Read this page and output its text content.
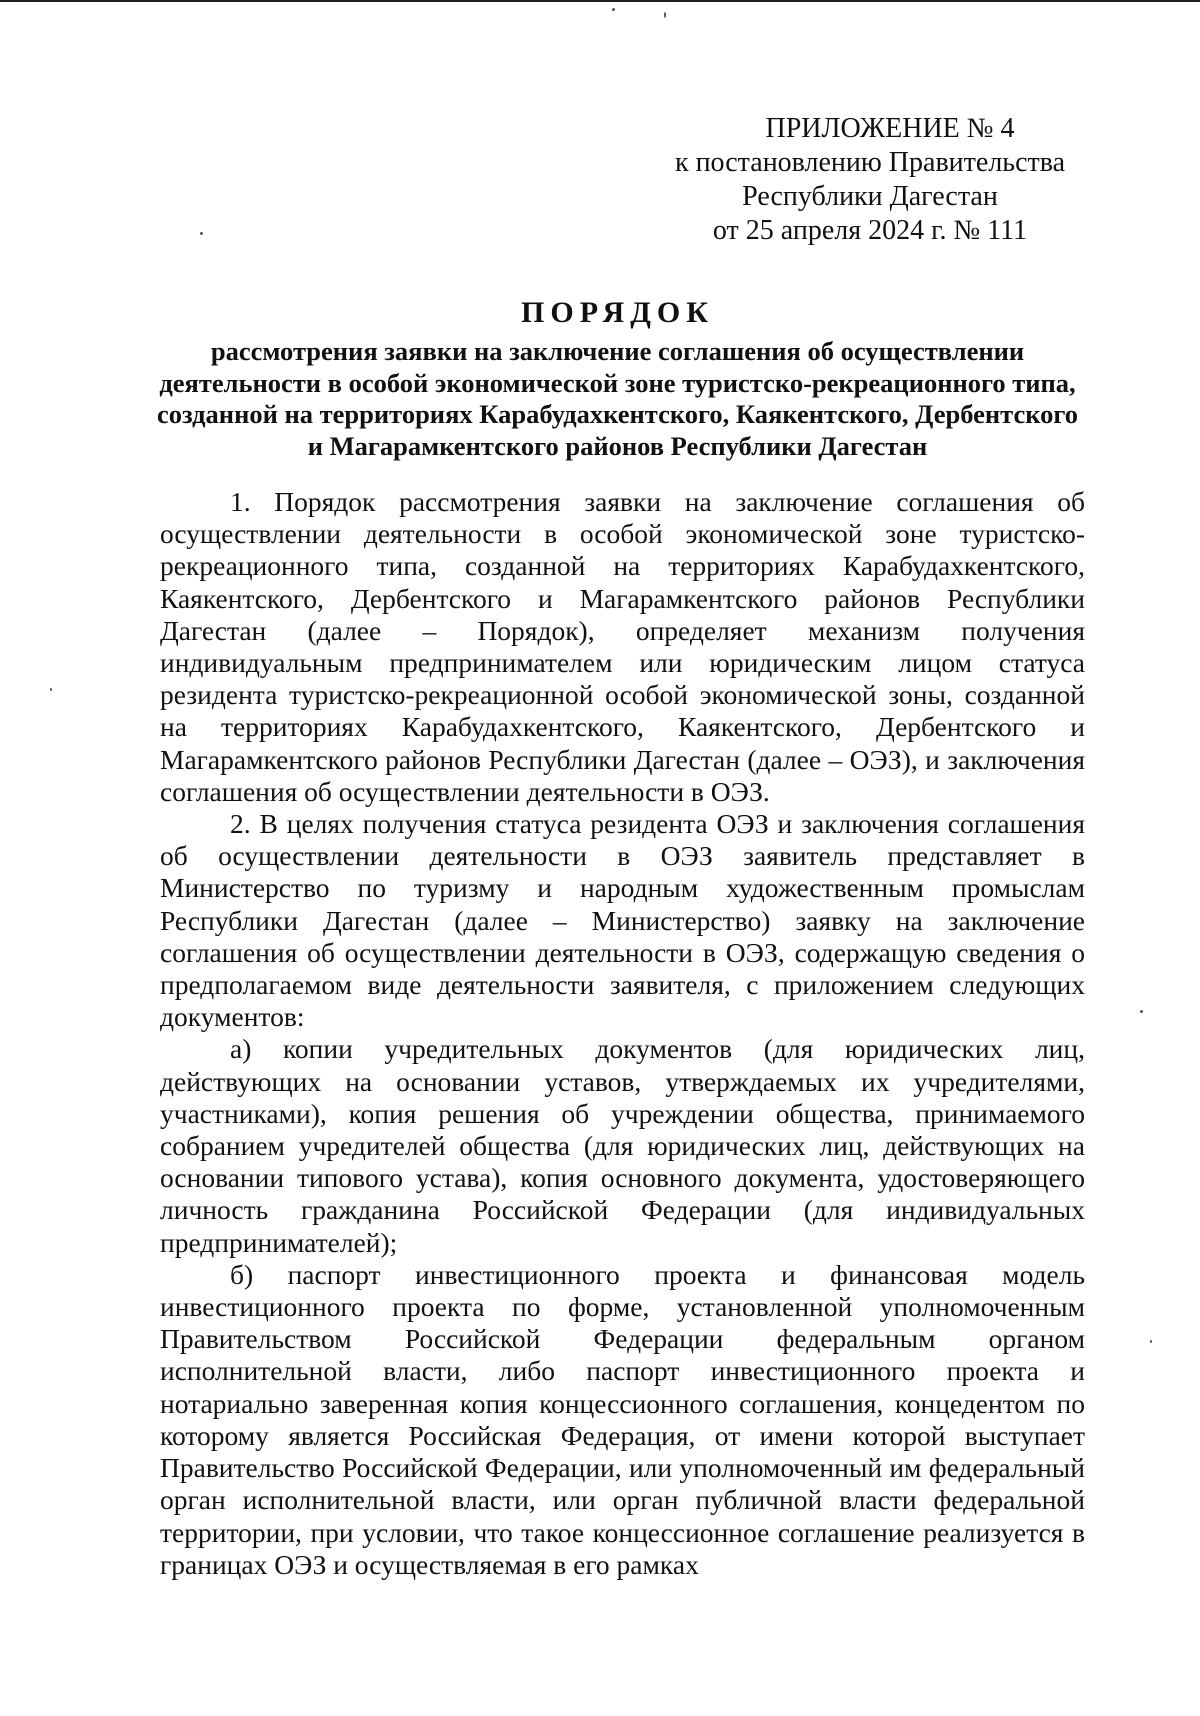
ПРИЛОЖЕНИЕ № 4
к постановлению Правительства
Республики Дагестан
от 25 апреля 2024 г. № 111
ПОРЯДОК
рассмотрения заявки на заключение соглашения об осуществлении деятельности в особой экономической зоне туристско-рекреационного типа, созданной на территориях Карабудахкентского, Каякентского, Дербентского и Магарамкентского районов Республики Дагестан

1. Порядок рассмотрения заявки на заключение соглашения об осуществлении деятельности в особой экономической зоне туристско-рекреационного типа, созданной на территориях Карабудахкентского, Каякентского, Дербентского и Магарамкентского районов Республики Дагестан (далее – Порядок), определяет механизм получения индивидуальным предпринимателем или юридическим лицом статуса резидента туристско-рекреационной особой экономической зоны, созданной на территориях Карабудахкентского, Каякентского, Дербентского и Магарамкентского районов Республики Дагестан (далее – ОЭЗ), и заключения соглашения об осуществлении деятельности в ОЭЗ.

2. В целях получения статуса резидента ОЭЗ и заключения соглашения об осуществлении деятельности в ОЭЗ заявитель представляет в Министерство по туризму и народным художественным промыслам Республики Дагестан (далее – Министерство) заявку на заключение соглашения об осуществлении деятельности в ОЭЗ, содержащую сведения о предполагаемом виде деятельности заявителя, с приложением следующих документов:

а) копии учредительных документов (для юридических лиц, действующих на основании уставов, утверждаемых их учредителями, участниками), копия решения об учреждении общества, принимаемого собранием учредителей общества (для юридических лиц, действующих на основании типового устава), копия основного документа, удостоверяющего личность гражданина Российской Федерации (для индивидуальных предпринимателей);

б) паспорт инвестиционного проекта и финансовая модель инвестиционного проекта по форме, установленной уполномоченным Правительством Российской Федерации федеральным органом исполнительной власти, либо паспорт инвестиционного проекта и нотариально заверенная копия концессионного соглашения, концедентом по которому является Российская Федерация, от имени которой выступает Правительство Российской Федерации, или уполномоченный им федеральный орган исполнительной власти, или орган публичной власти федеральной территории, при условии, что такое концессионное соглашение реализуется в границах ОЭЗ и осуществляемая в его рамках
